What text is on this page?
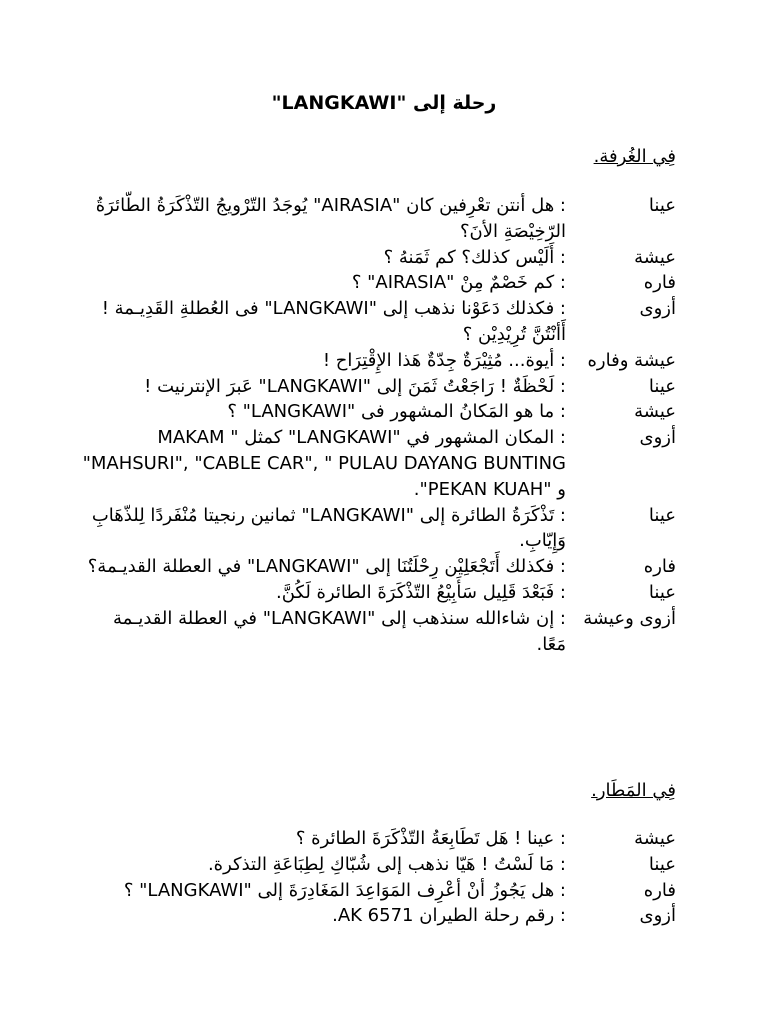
رحلة إلى "LANGKAWI"
فِي الغُرفة.
عينا
: هل أنتن تعْرِفين كان "AIRASIA" يُوجَدُ التّرْويجُ التّذْكَرَةُ الطّائرَةُ الرّخِيْصَةِ الأنَ؟
عيشة
: أَلَيْس كذلك؟ كم ثَمَنهُ ؟
فاره
: كم خَصْمٌ مِنْ "AIRASIA" ؟
أزوى
: فكذلك دَعَوْنا نذهب إلى "LANGKAWI" فى العُطلةِ القَدِيـمة ! أَأنْتُنَّ تُرِيْدِيْن ؟
عيشة وفاره
: أيوة... مُثِيْرَةٌ جِدّةٌ هَذا الإِقْتِرَاح !
عينا
: لَحْظَةٌ ! رَاجَعْتُ ثَمَنَ إلى "LANGKAWI" عَبرَ الإنترنيت !
عيشة
: ما هو المَكانُ المشهور فى "LANGKAWI" ؟
أزوى
: المكان المشهور في "LANGKAWI" كمثل " MAKAM MAHSURI", "CABLE CAR", " PULAU DAYANG BUNTING" و "PEKAN KUAH".
عينا
: تَذْكَرَةُ الطائرة إلى "LANGKAWI" ثمانين رنجيتا مُنْفَردًا لِلذّهَابِ وَإِيّابِ.
فاره
: فكذلك أَتَجْعَلِيْن رِحْلَتُنَا إلى "LANGKAWI" في العطلة القديـمة؟
عينا
: فَبَعْدَ قَلِيل سَأَبِيْعُ التّذْكَرَةَ الطائرة لَكُنَّ.
أزوى وعيشة
: إن شاءالله سنذهب إلى "LANGKAWI" في العطلة القديـمة مَعًا.
فِي المَطَار.
عيشة
: عينا ! هَل تَطَابِعَةُ التّذْكَرَةَ الطائرة ؟
عينا
: مَا لَسْتُ ! هَيّا نذهب إلى شُبّاكِ لِطِبَاعَةِ التذكرة.
فاره
: هل يَجُوزُ أنْ أعْرِف المَوَاعِدَ المَغَادِرَةَ إلى "LANGKAWI" ؟
أزوى
: رقم رحلة الطيران AK 6571.
